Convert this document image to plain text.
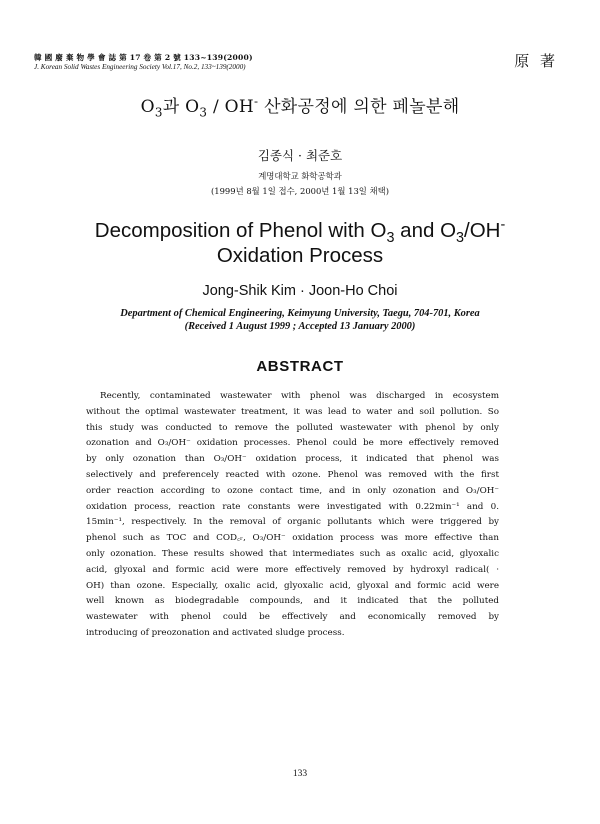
韓 國 廢 棄 物 學 會 誌 第 17 卷 第 2 號 133~139(2000)
J. Korean Solid Wastes Engineering Society Vol.17, No.2, 133~139(2000)	原 著
$O_3$과 $O_3 / OH^-$ 산화공정에 의한 페놀분해
김종식 · 최준호
계명대학교 화학공학과
(1999년 8월 1일 접수, 2000년 1월 13일 채택)
Decomposition of Phenol with $O_3$ and $O_3/OH^-$
Oxidation Process
Jong-Shik Kim · Joon-Ho Choi
Department of Chemical Engineering, Keimyung University, Taegu, 704-701, Korea
(Received 1 August 1999 ; Accepted 13 January 2000)
ABSTRACT
Recently, contaminated wastewater with phenol was discharged in ecosystem
without the optimal wastewater treatment, it was lead to water and soil pollution. So
this study was conducted to remove the polluted wastewater with phenol by only
ozonation and O₃/OH⁻ oxidation processes. Phenol could be more effectively removed
by only ozonation than O₃/OH⁻ oxidation process, it indicated that phenol was
selectively and preferencely reacted with ozone. Phenol was removed with the first
order reaction according to ozone contact time, and in only ozonation and O₃/OH⁻
oxidation process, reaction rate constants were investigated with 0.22min⁻¹ and 0.
15min⁻¹, respectively. In the removal of organic pollutants which were triggered by
phenol such as TOC and COD꜀ᵣ, O₃/OH⁻ oxidation process was more effective than
only ozonation. These results showed that intermediates such as oxalic acid, glyoxalic
acid, glyoxal and formic acid were more effectively removed by hydroxyl radical( ·
OH) than ozone. Especially, oxalic acid, glyoxalic acid, glyoxal and formic acid were
well known as biodegradable compounds, and it indicated that the polluted
wastewater with phenol could be effectively and economically removed by
introducing of preozonation and activated sludge process.
133
